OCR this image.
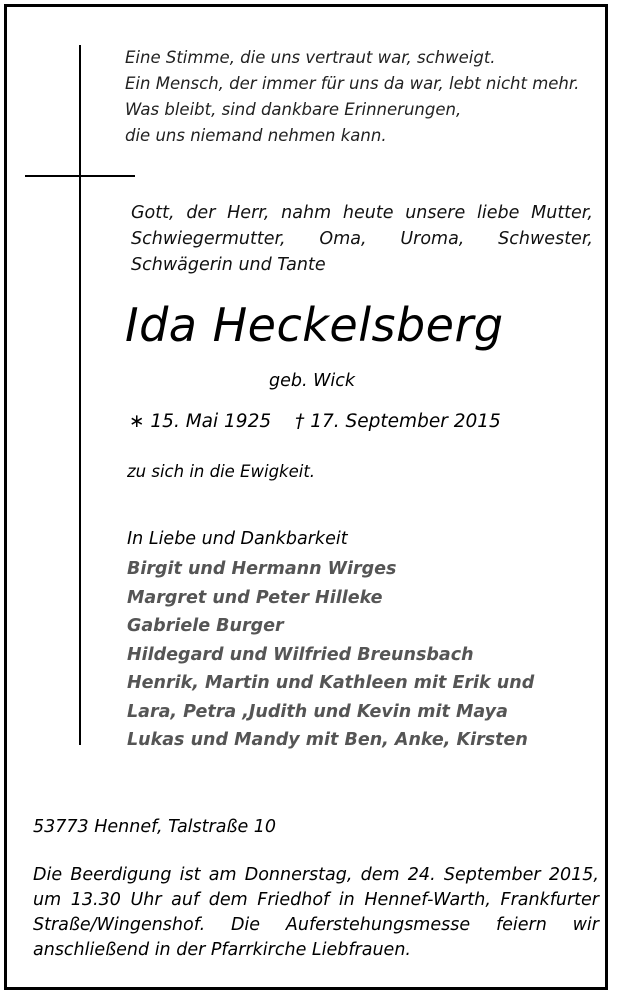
Eine Stimme, die uns vertraut war, schweigt.
Ein Mensch, der immer für uns da war, lebt nicht mehr.
Was bleibt, sind dankbare Erinnerungen,
die uns niemand nehmen kann.
Gott, der Herr, nahm heute unsere liebe Mutter,
Schwiegermutter, Oma, Uroma, Schwester,
Schwägerin und Tante
Ida Heckelsberg
geb. Wick
∗ 15. Mai 1925 † 17. September 2015
zu sich in die Ewigkeit.
In Liebe und Dankbarkeit
Birgit und Hermann Wirges
Margret und Peter Hilleke
Gabriele Burger
Hildegard und Wilfried Breunsbach
Henrik, Martin und Kathleen mit Erik und
Lara, Petra ,Judith und Kevin mit Maya
Lukas und Mandy mit Ben, Anke, Kirsten
53773 Hennef, Talstraße 10
Die Beerdigung ist am Donnerstag, dem 24. September 2015,
um 13.30 Uhr auf dem Friedhof in Hennef-Warth, Frankfurter
Straße/Wingenshof. Die Auferstehungsmesse feiern wir
anschließend in der Pfarrkirche Liebfrauen.
